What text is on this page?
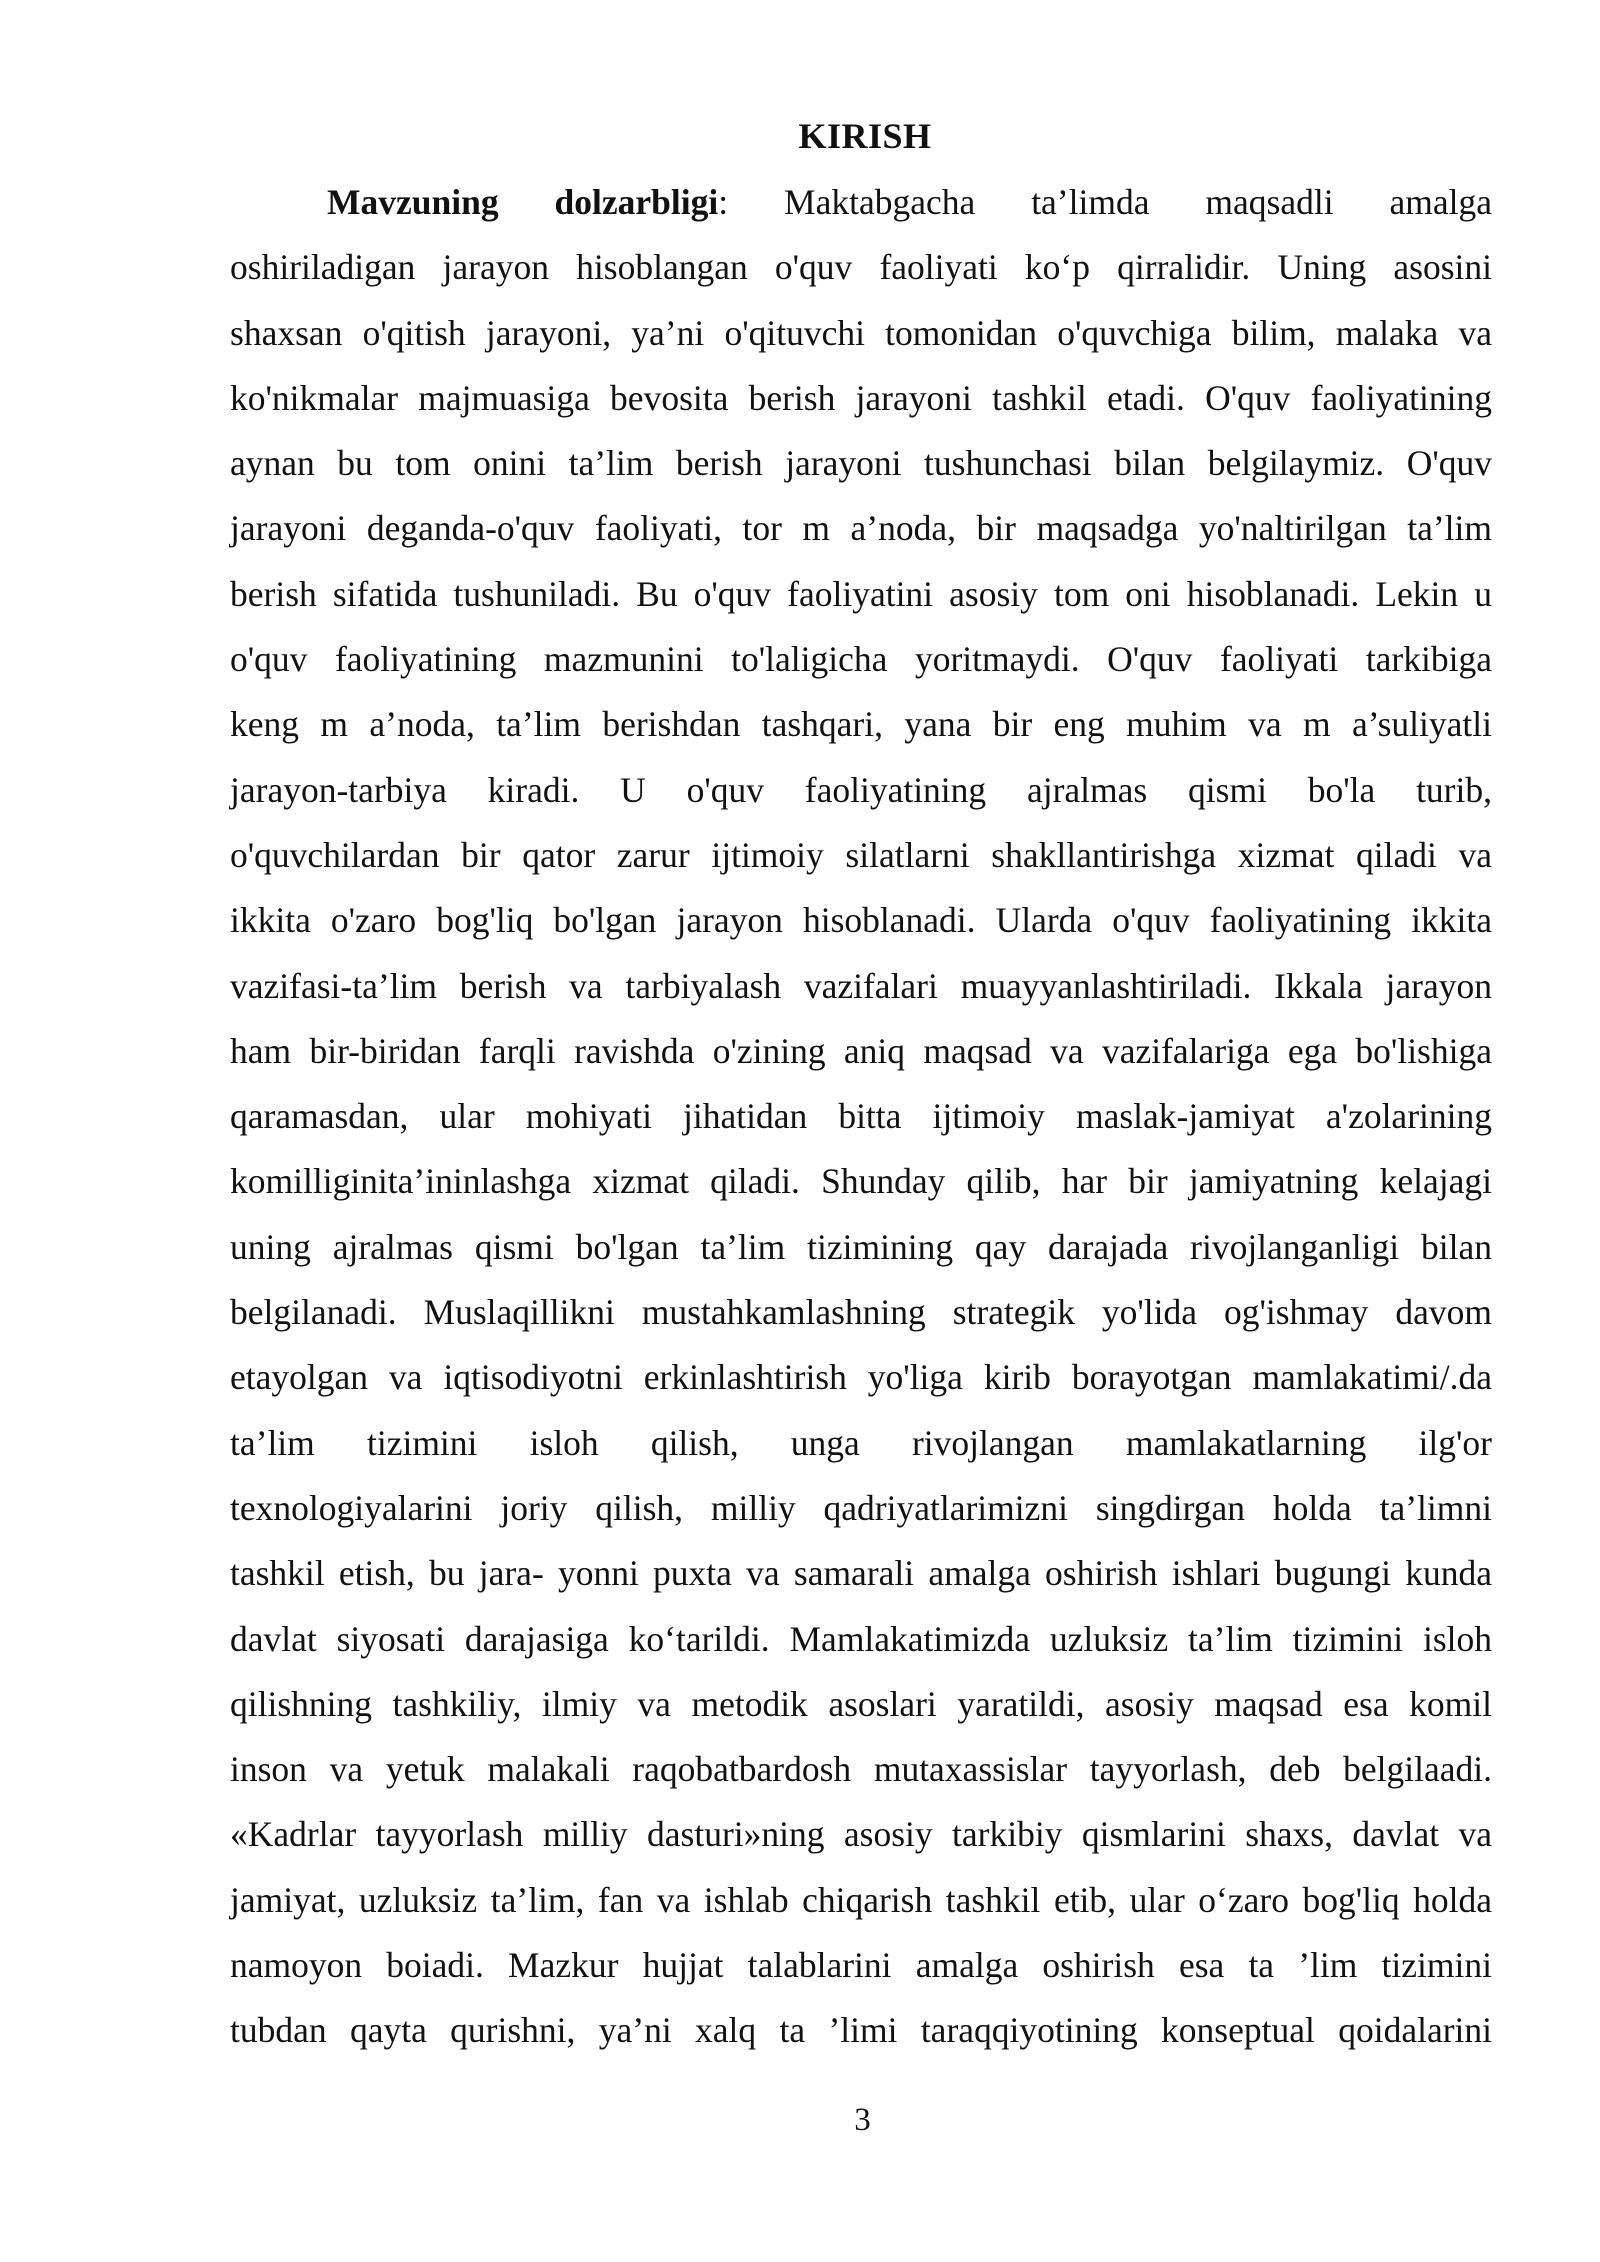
KIRISH
Mavzuning dolzarbligi: Maktabgacha ta’limda maqsadli amalga
oshiriladigan jarayon hisoblangan o'quv faoliyati ko‘p qirralidir. Uning asosini
shaxsan o'qitish jarayoni, ya’ni o'qituvchi tomonidan o'quvchiga bilim, malaka va
ko'nikmalar majmuasiga bevosita berish jarayoni tashkil etadi. O'quv faoliyatining
aynan bu tom onini ta’lim berish jarayoni tushunchasi bilan belgilaymiz. O'quv
jarayoni deganda-o'quv faoliyati, tor m a’noda, bir maqsadga yo'naltirilgan ta’lim
berish sifatida tushuniladi. Bu o'quv faoliyatini asosiy tom oni hisoblanadi. Lekin u
o'quv faoliyatining mazmunini to'laligicha yoritmaydi. O'quv faoliyati tarkibiga
keng m a’noda, ta’lim berishdan tashqari, yana bir eng muhim va m a’suliyatli
jarayon-tarbiya kiradi. U o'quv faoliyatining ajralmas qismi bo'la turib,
o'quvchilardan bir qator zarur ijtimoiy silatlarni shakllantirishga xizmat qiladi va
ikkita o'zaro bog'liq bo'lgan jarayon hisoblanadi. Ularda o'quv faoliyatining ikkita
vazifasi-ta’lim berish va tarbiyalash vazifalari muayyanlashtiriladi. Ikkala jarayon
ham bir-biridan farqli ravishda o'zining aniq maqsad va vazifalariga ega bo'lishiga
qaramasdan, ular mohiyati jihatidan bitta ijtimoiy maslak-jamiyat a'zolarining
komilliginita’ininlashga xizmat qiladi. Shunday qilib, har bir jamiyatning kelajagi
uning ajralmas qismi bo'lgan ta’lim tizimining qay darajada rivojlanganligi bilan
belgilanadi. Muslaqillikni mustahkamlashning strategik yo'lida og'ishmay davom
etayolgan va iqtisodiyotni erkinlashtirish yo'liga kirib borayotgan mamlakatimi/.da
ta’lim tizimini isloh qilish, unga rivojlangan mamlakatlarning ilg'or
texnologiyalarini joriy qilish, milliy qadriyatlarimizni singdirgan holda ta’limni
tashkil etish, bu jara- yonni puxta va samarali amalga oshirish ishlari bugungi kunda
davlat siyosati darajasiga ko‘tarildi. Mamlakatimizda uzluksiz ta’lim tizimini isloh
qilishning tashkiliy, ilmiy va metodik asoslari yaratildi, asosiy maqsad esa komil
inson va yetuk malakali raqobatbardosh mutaxassislar tayyorlash, deb belgilaadi.
«Kadrlar tayyorlash milliy dasturi»ning asosiy tarkibiy qismlarini shaxs, davlat va
jamiyat, uzluksiz ta’lim, fan va ishlab chiqarish tashkil etib, ular o‘zaro bog'liq holda
namoyon boiadi. Mazkur hujjat talablarini amalga oshirish esa ta ’lim tizimini
tubdan qayta qurishni, ya’ni xalq ta ’limi taraqqiyotining konseptual qoidalarini
3
